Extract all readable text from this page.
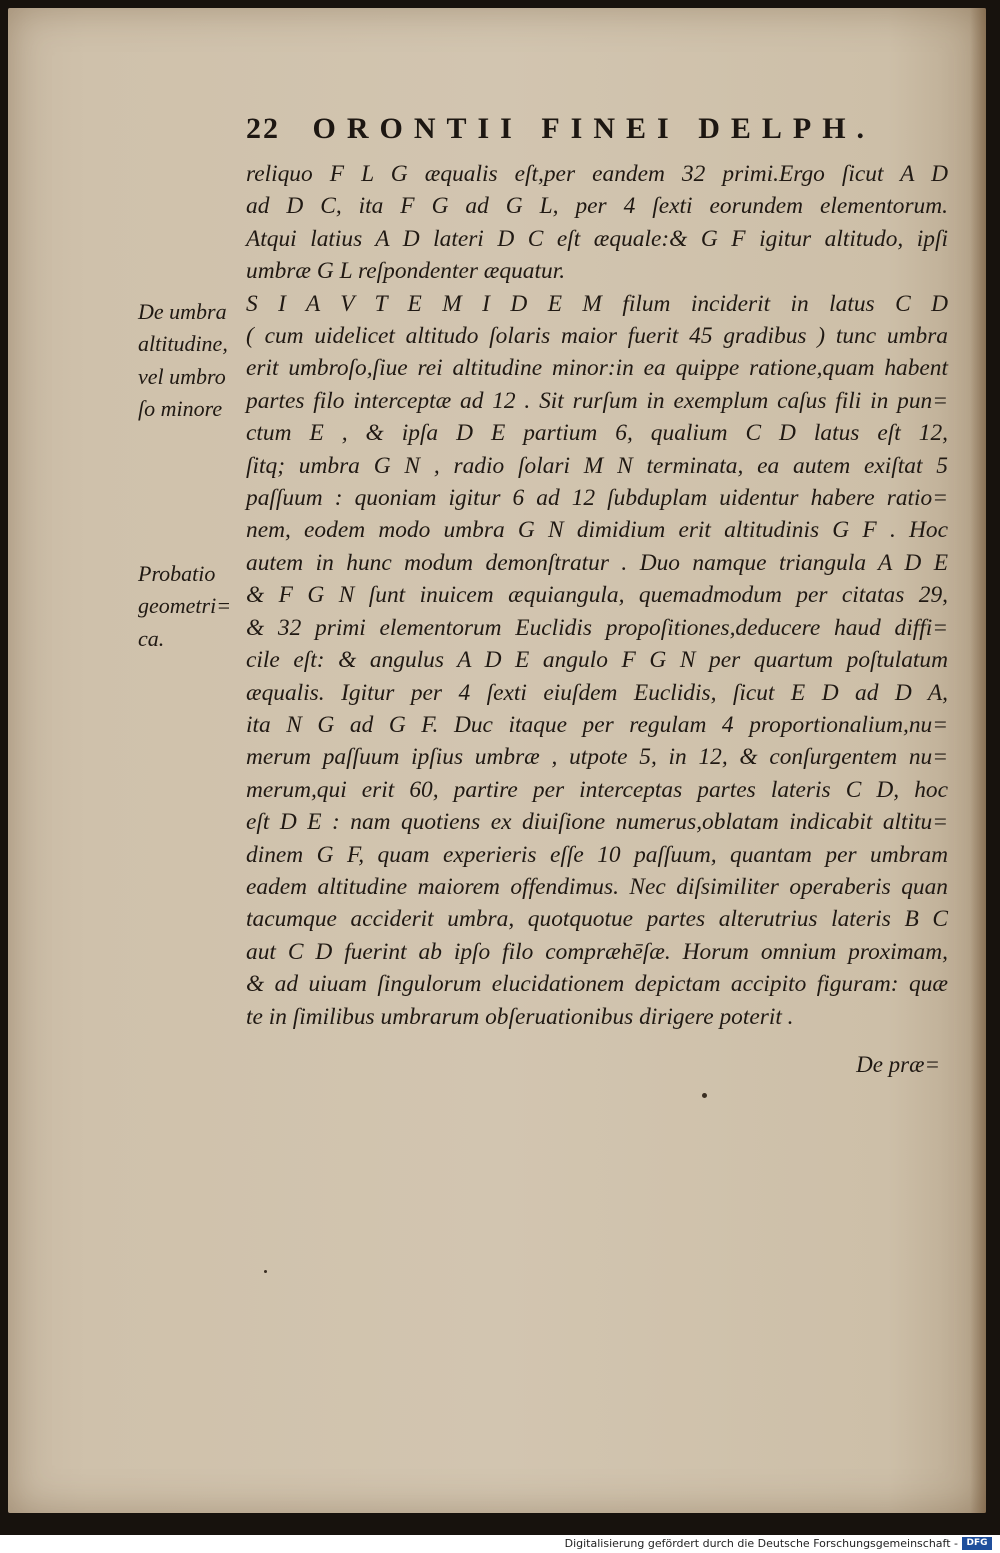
22 ORONTII FINEI DELPH.
reliquo F L G æqualis eſt,per eandem 32 primi.Ergo ſicut A D
ad D C, ita F G ad G L, per 4 ſexti eorundem elementorum.
Atqui latius A D lateri D C eſt æquale:& G F igitur altitudo, ipſi
umbræ G L reſpondenter æquatur.
S I A V T E M I D E M filum inciderit in latus C D
( cum uidelicet altitudo ſolaris maior fuerit 45 gradibus ) tunc umbra
erit umbroſo,ſiue rei altitudine minor:in ea quippe ratione,quam habent
partes filo interceptæ ad 12 . Sit rurſum in exemplum caſus fili in pun=
ctum E , & ipſa D E partium 6, qualium C D latus eſt 12,
ſitq; umbra G N , radio ſolari M N terminata, ea autem exiſtat 5
paſſuum : quoniam igitur 6 ad 12 ſubduplam uidentur habere ratio=
nem, eodem modo umbra G N dimidium erit altitudinis G F . Hoc
autem in hunc modum demonſtratur . Duo namque triangula A D E
& F G N ſunt inuicem æquiangula, quemadmodum per citatas 29,
& 32 primi elementorum Euclidis propoſitiones,deducere haud diffi=
cile eſt: & angulus A D E angulo F G N per quartum poſtulatum
æqualis. Igitur per 4 ſexti eiuſdem Euclidis, ſicut E D ad D A,
ita N G ad G F. Duc itaque per regulam 4 proportionalium,nu=
merum paſſuum ipſius umbræ , utpote 5, in 12, & conſurgentem nu=
merum,qui erit 60, partire per interceptas partes lateris C D, hoc
eſt D E : nam quotiens ex diuiſione numerus,oblatam indicabit altitu=
dinem G F, quam experieris eſſe 10 paſſuum, quantam per umbram
eadem altitudine maiorem offendimus. Nec diſsimiliter operaberis quan
tacumque acciderit umbra, quotquotue partes alterutrius lateris B C
aut C D fuerint ab ipſo filo compræhēſæ. Horum omnium proximam,
& ad uiuam ſingulorum elucidationem depictam accipito figuram: quæ
te in ſimilibus umbrarum obſeruationibus dirigere poterit .
De umbra
altitudine,
vel umbro
ſo minore
Probatio
geometri=
ca.
De præ=
Digitalisierung gefördert durch die Deutsche Forschungsgemeinschaft - DFG
